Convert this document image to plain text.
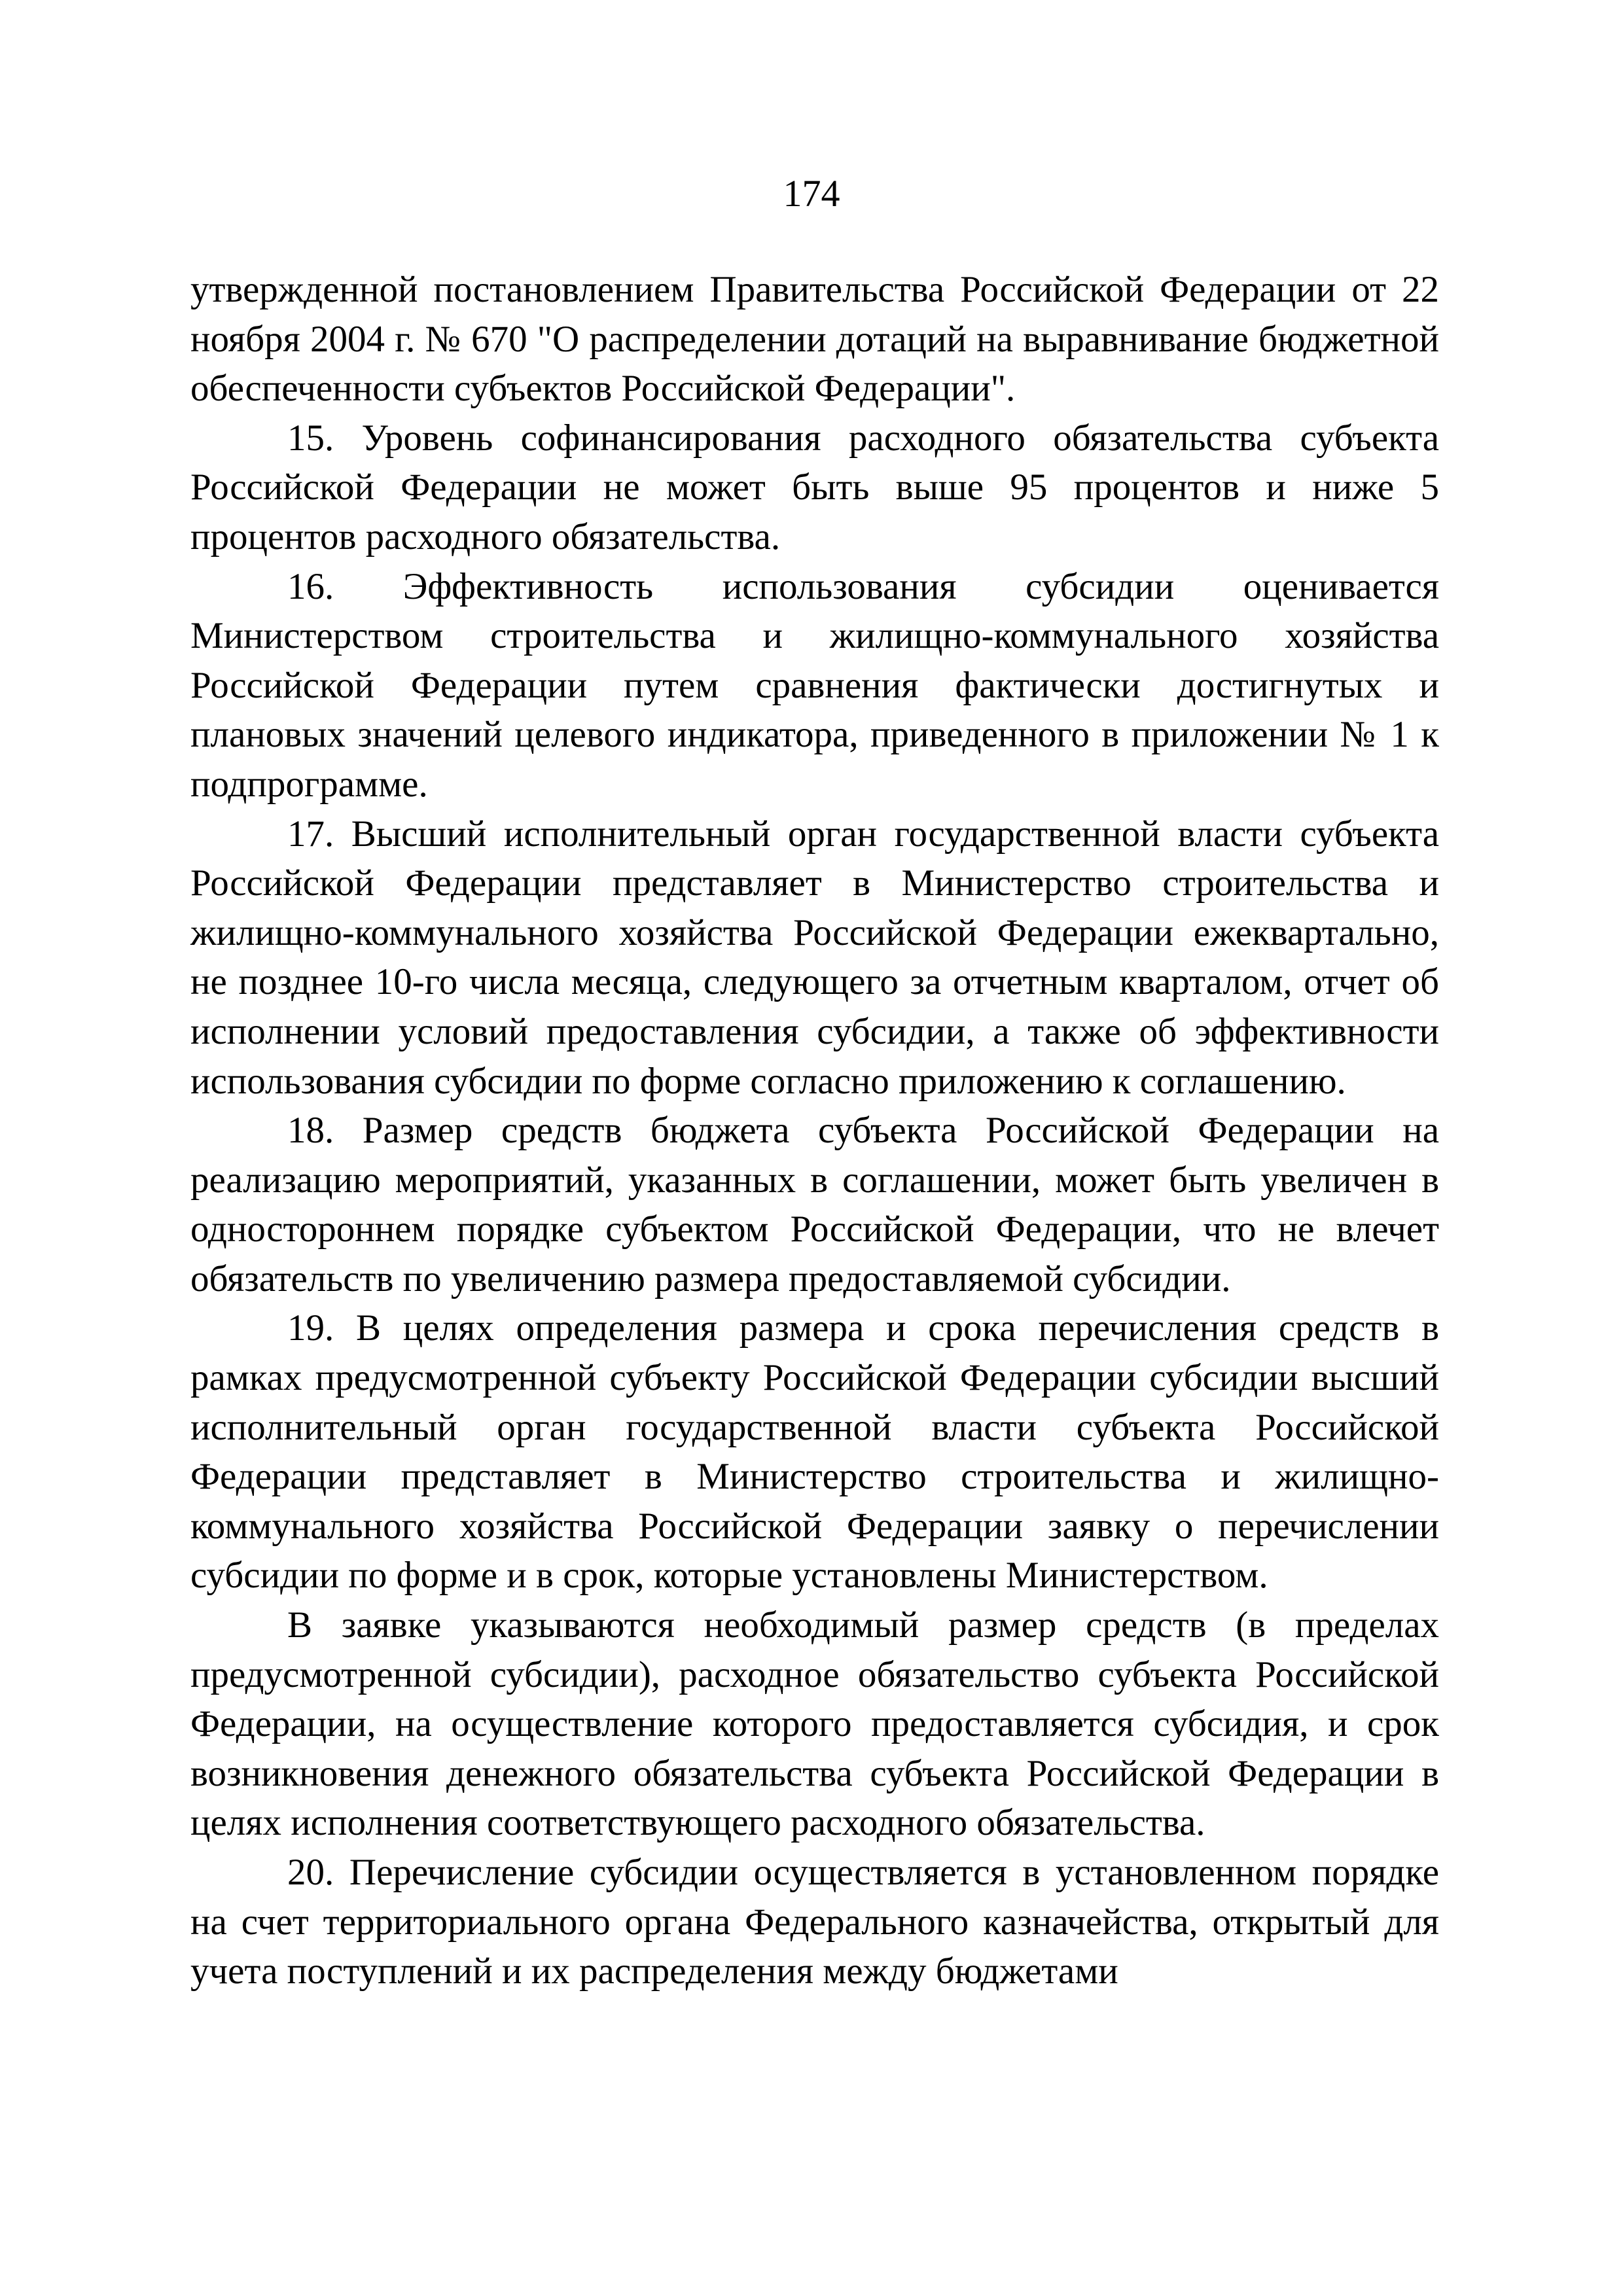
174

утвержденной постановлением Правительства Российской Федерации от 22 ноября 2004 г. № 670 "О распределении дотаций на выравнивание бюджетной обеспеченности субъектов Российской Федерации".

15. Уровень софинансирования расходного обязательства субъекта Российской Федерации не может быть выше 95 процентов и ниже 5 процентов расходного обязательства.

16. Эффективность использования субсидии оценивается Министерством строительства и жилищно-коммунального хозяйства Российской Федерации путем сравнения фактически достигнутых и плановых значений целевого индикатора, приведенного в приложении № 1 к подпрограмме.

17. Высший исполнительный орган государственной власти субъекта Российской Федерации представляет в Министерство строительства и жилищно-коммунального хозяйства Российской Федерации ежеквартально, не позднее 10-го числа месяца, следующего за отчетным кварталом, отчет об исполнении условий предоставления субсидии, а также об эффективности использования субсидии по форме согласно приложению к соглашению.

18. Размер средств бюджета субъекта Российской Федерации на реализацию мероприятий, указанных в соглашении, может быть увеличен в одностороннем порядке субъектом Российской Федерации, что не влечет обязательств по увеличению размера предоставляемой субсидии.

19. В целях определения размера и срока перечисления средств в рамках предусмотренной субъекту Российской Федерации субсидии высший исполнительный орган государственной власти субъекта Российской Федерации представляет в Министерство строительства и жилищно-коммунального хозяйства Российской Федерации заявку о перечислении субсидии по форме и в срок, которые установлены Министерством.

В заявке указываются необходимый размер средств (в пределах предусмотренной субсидии), расходное обязательство субъекта Российской Федерации, на осуществление которого предоставляется субсидия, и срок возникновения денежного обязательства субъекта Российской Федерации в целях исполнения соответствующего расходного обязательства.

20. Перечисление субсидии осуществляется в установленном порядке на счет территориального органа Федерального казначейства, открытый для учета поступлений и их распределения между бюджетами
